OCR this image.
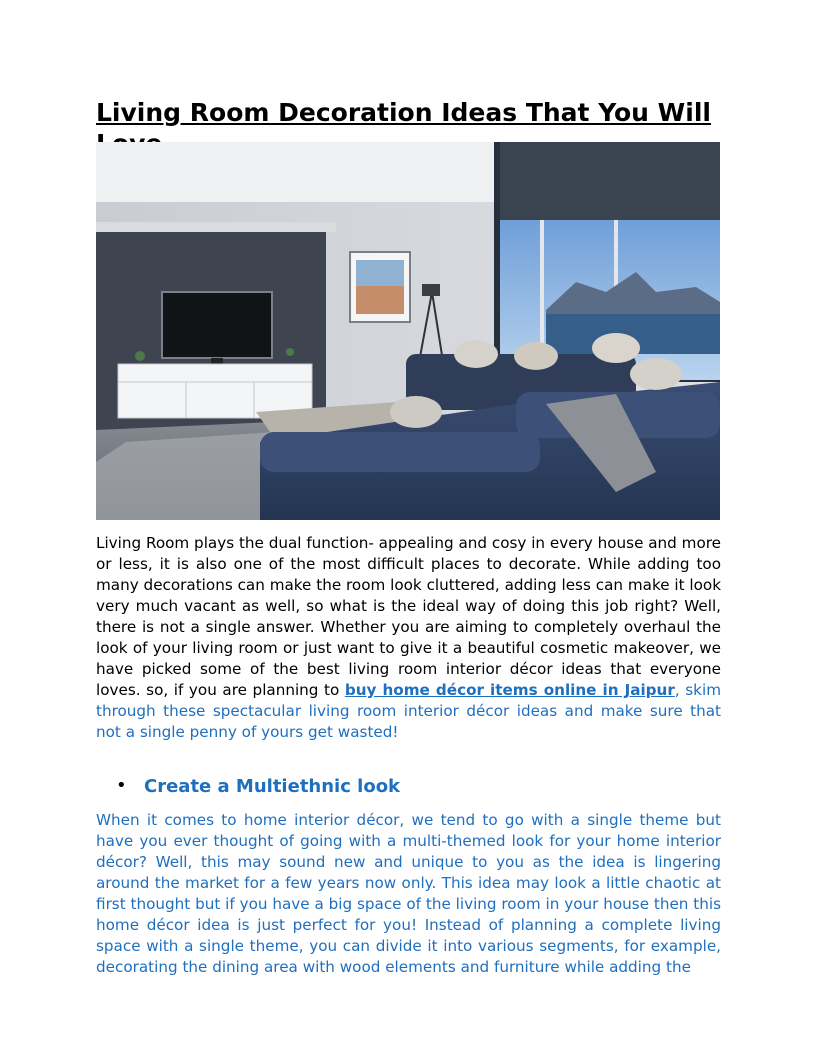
Living Room Decoration Ideas That You Will

Living Room plays the dual function- appealing and cosy in every house and more or less, it is also one of the most difficult places to decorate. While adding too many decorations can make the room look cluttered, adding less can make it look very much vacant as well, so what is the ideal way of doing this job right? Well, there is not a single answer. Whether you are aiming to completely overhaul the look of your living room or just want to give it a beautiful cosmetic makeover, we have picked some of the best living room interior décor ideas that everyone loves. so, if you are planning to buy home décor items online in Jaipur, skim through these spectacular living room interior décor ideas and make sure that not a single penny of yours get wasted!

• Create a Multiethnic look

When it comes to home interior décor, we tend to go with a single theme but have you ever thought of going with a multi-themed look for your home interior décor? Well, this may sound new and unique to you as the idea is lingering around the market for a few years now only. This idea may look a little chaotic at first thought but if you have a big space of the living room in your house then this home décor idea is just perfect for you! Instead of planning a complete living space with a single theme, you can divide it into various segments, for example, decorating the dining area with wood elements and furniture while adding the
